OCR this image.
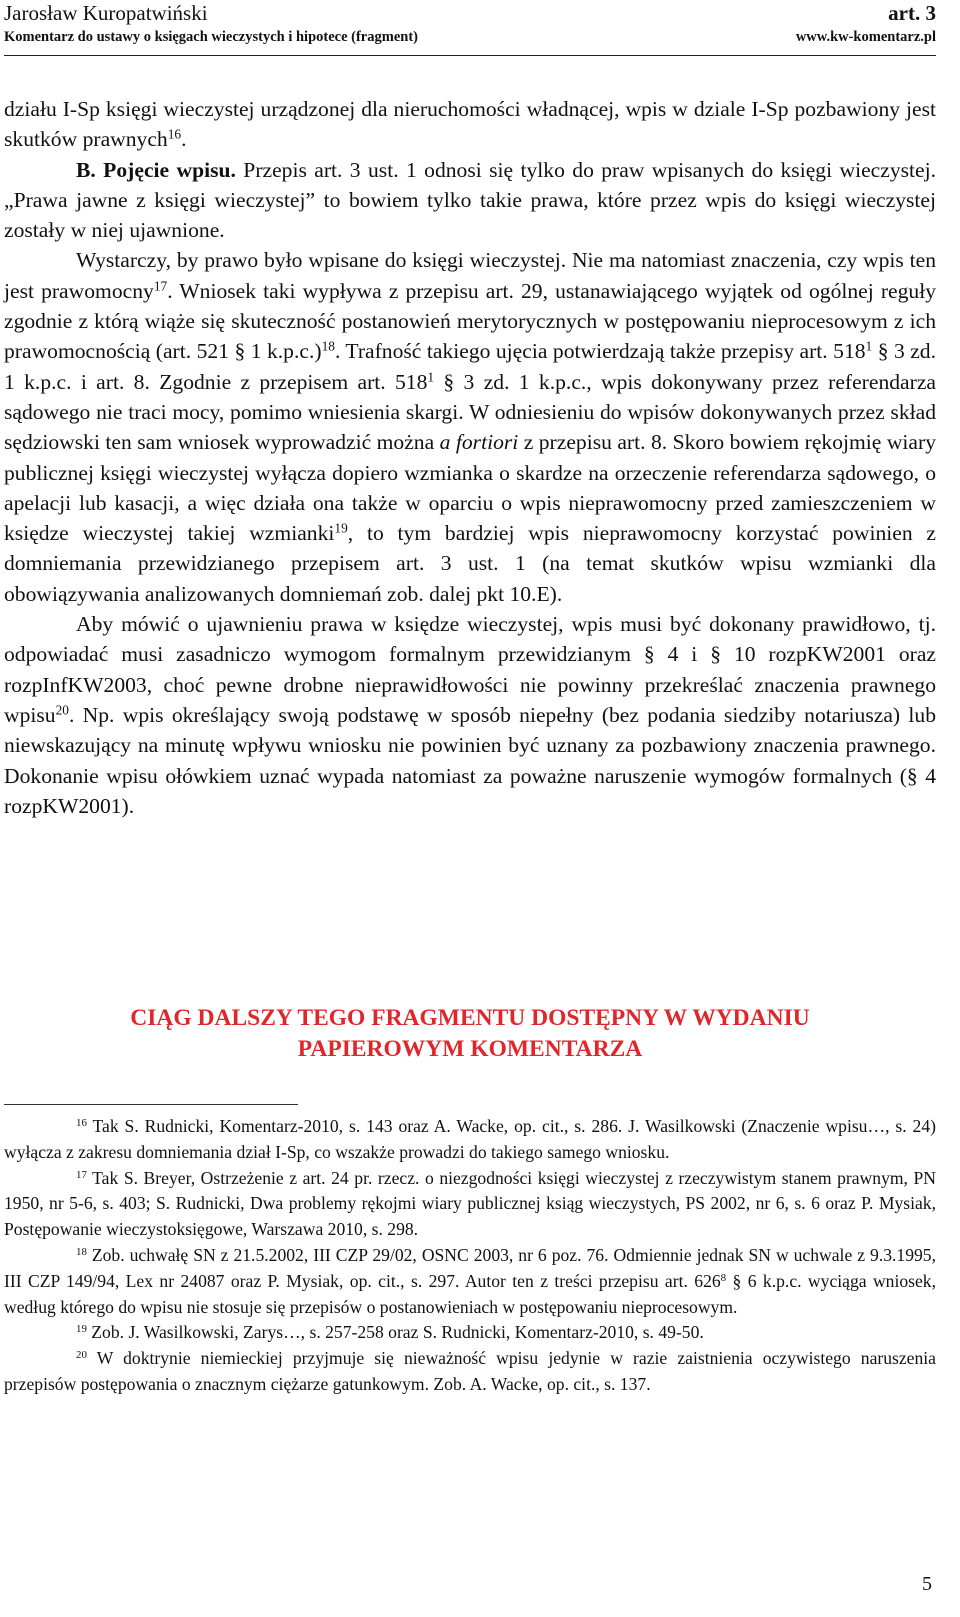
Jarosław Kuropatwiński
Komentarz do ustawy o księgach wieczystych i hipotece (fragment)
art. 3
www.kw-komentarz.pl

działu I-Sp księgi wieczystej urządzonej dla nieruchomości władnącej, wpis w dziale I-Sp pozbawiony jest skutków prawnych$^{16}$.

B. Pojęcie wpisu. Przepis art. 3 ust. 1 odnosi się tylko do praw wpisanych do księgi wieczystej. „Prawa jawne z księgi wieczystej” to bowiem tylko takie prawa, które przez wpis do księgi wieczystej zostały w niej ujawnione.

Wystarczy, by prawo było wpisane do księgi wieczystej. Nie ma natomiast znaczenia, czy wpis ten jest prawomocny$^{17}$. Wniosek taki wypływa z przepisu art. 29, ustanawiającego wyjątek od ogólnej reguły zgodnie z którą wiąże się skuteczność postanowień merytorycznych w postępowaniu nieprocesowym z ich prawomocnością (art. 521 § 1 k.p.c.)$^{18}$. Trafność takiego ujęcia potwierdzają także przepisy art. $518^1$ § 3 zd. 1 k.p.c. i art. 8. Zgodnie z przepisem art. $518^1$ § 3 zd. 1 k.p.c., wpis dokonywany przez referendarza sądowego nie traci mocy, pomimo wniesienia skargi. W odniesieniu do wpisów dokonywanych przez skład sędziowski ten sam wniosek wyprowadzić można a fortiori z przepisu art. 8. Skoro bowiem rękojmię wiary publicznej księgi wieczystej wyłącza dopiero wzmianka o skardze na orzeczenie referendarza sądowego, o apelacji lub kasacji, a więc działa ona także w oparciu o wpis nieprawomocny przed zamieszczeniem w księdze wieczystej takiej wzmianki$^{19}$, to tym bardziej wpis nieprawomocny korzystać powinien z domniemania przewidzianego przepisem art. 3 ust. 1 (na temat skutków wpisu wzmianki dla obowiązywania analizowanych domniemań zob. dalej pkt 10.E).

Aby mówić o ujawnieniu prawa w księdze wieczystej, wpis musi być dokonany prawidłowo, tj. odpowiadać musi zasadniczo wymogom formalnym przewidzianym § 4 i § 10 rozpKW2001 oraz rozpInfKW2003, choć pewne drobne nieprawidłowości nie powinny przekreślać znaczenia prawnego wpisu$^{20}$. Np. wpis określający swoją podstawę w sposób niepełny (bez podania siedziby notariusza) lub niewskazujący na minutę wpływu wniosku nie powinien być uznany za pozbawiony znaczenia prawnego. Dokonanie wpisu ołówkiem uznać wypada natomiast za poważne naruszenie wymogów formalnych (§ 4 rozpKW2001).

CIĄG DALSZY TEGO FRAGMENTU DOSTĘPNY W WYDANIU
PAPIEROWYM KOMENTARZA

$^{16}$ Tak S. Rudnicki, Komentarz-2010, s. 143 oraz A. Wacke, op. cit., s. 286. J. Wasilkowski (Znaczenie wpisu…, s. 24) wyłącza z zakresu domniemania dział I-Sp, co wszakże prowadzi do takiego samego wniosku.

$^{17}$ Tak S. Breyer, Ostrzeżenie z art. 24 pr. rzecz. o niezgodności księgi wieczystej z rzeczywistym stanem prawnym, PN 1950, nr 5-6, s. 403; S. Rudnicki, Dwa problemy rękojmi wiary publicznej ksiąg wieczystych, PS 2002, nr 6, s. 6 oraz P. Mysiak, Postępowanie wieczystoksięgowe, Warszawa 2010, s. 298.

$^{18}$ Zob. uchwałę SN z 21.5.2002, III CZP 29/02, OSNC 2003, nr 6 poz. 76. Odmiennie jednak SN w uchwale z 9.3.1995, III CZP 149/94, Lex nr 24087 oraz P. Mysiak, op. cit., s. 297. Autor ten z treści przepisu art. $626^8$ § 6 k.p.c. wyciąga wniosek, według którego do wpisu nie stosuje się przepisów o postanowieniach w postępowaniu nieprocesowym.

$^{19}$ Zob. J. Wasilkowski, Zarys…, s. 257-258 oraz S. Rudnicki, Komentarz-2010, s. 49-50.

$^{20}$ W doktrynie niemieckiej przyjmuje się nieważność wpisu jedynie w razie zaistnienia oczywistego naruszenia przepisów postępowania o znacznym ciężarze gatunkowym. Zob. A. Wacke, op. cit., s. 137.

5
